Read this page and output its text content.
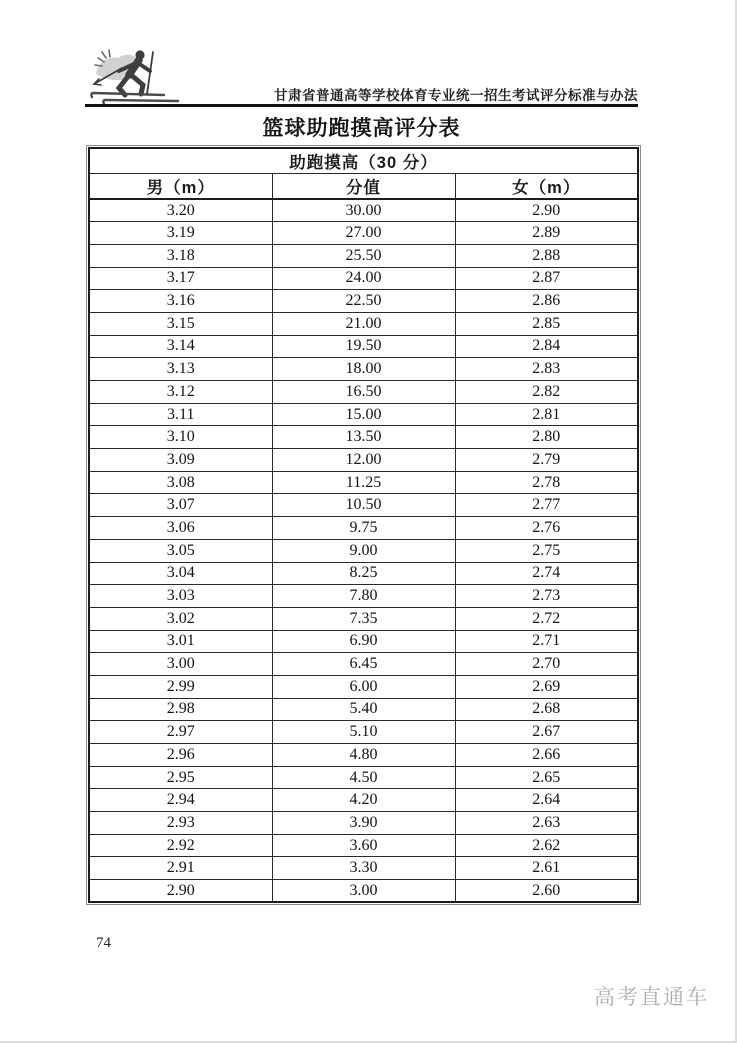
甘肃省普通高等学校体育专业统一招生考试评分标准与办法
篮球助跑摸高评分表
助跑摸高（30 分）		
男（m）	分值	女（m）
3.20	30.00	2.90
3.19	27.00	2.89
3.18	25.50	2.88
3.17	24.00	2.87
3.16	22.50	2.86
3.15	21.00	2.85
3.14	19.50	2.84
3.13	18.00	2.83
3.12	16.50	2.82
3.11	15.00	2.81
3.10	13.50	2.80
3.09	12.00	2.79
3.08	11.25	2.78
3.07	10.50	2.77
3.06	9.75	2.76
3.05	9.00	2.75
3.04	8.25	2.74
3.03	7.80	2.73
3.02	7.35	2.72
3.01	6.90	2.71
3.00	6.45	2.70
2.99	6.00	2.69
2.98	5.40	2.68
2.97	5.10	2.67
2.96	4.80	2.66
2.95	4.50	2.65
2.94	4.20	2.64
2.93	3.90	2.63
2.92	3.60	2.62
2.91	3.30	2.61
2.90	3.00	2.60
74
高考直通车
